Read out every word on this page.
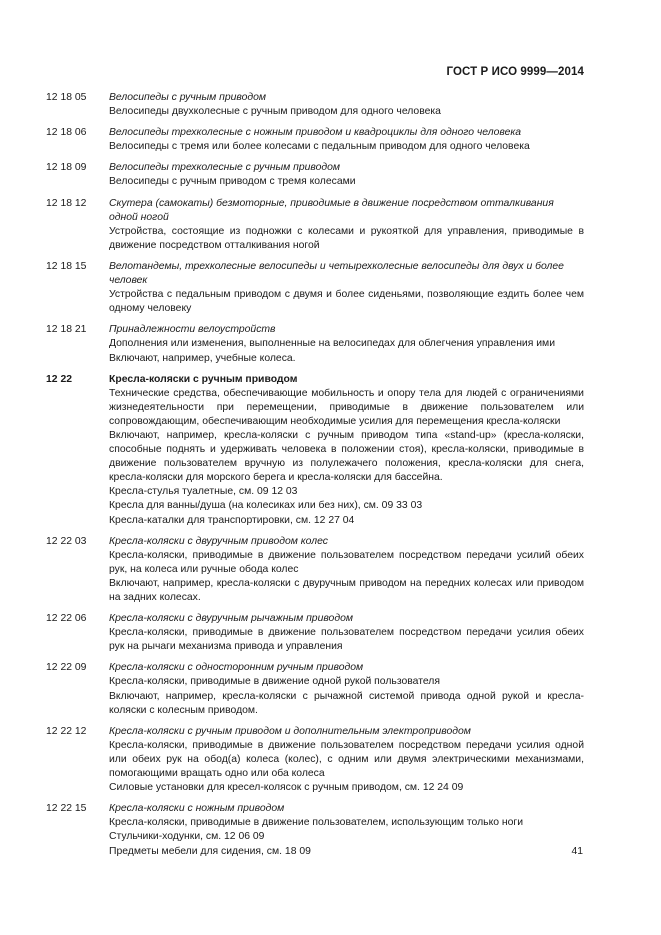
ГОСТ Р ИСО 9999—2014
12 18 05	Велосипеды с ручным приводом
Велосипеды двухколесные с ручным приводом для одного человека
12 18 06	Велосипеды трехколесные с ножным приводом и квадроциклы для одного человека
Велосипеды с тремя или более колесами с педальным приводом для одного человека
12 18 09	Велосипеды трехколесные с ручным приводом
Велосипеды с ручным приводом с тремя колесами
12 18 12	Скутера (самокаты) безмоторные, приводимые в движение посредством отталкивания одной ногой
Устройства, состоящие из подножки с колесами и рукояткой для управления, приводимые в движение посредством отталкивания ногой
12 18 15	Велотандемы, трехколесные велосипеды и четырехколесные велосипеды для двух и более человек
Устройства с педальным приводом с двумя и более сиденьями, позволяющие ездить более чем одному человеку
12 18 21	Принадлежности велоустройств
Дополнения или изменения, выполненные на велосипедах для облегчения управления ими
Включают, например, учебные колеса.
12 22	Кресла-коляски с ручным приводом
Технические средства, обеспечивающие мобильность и опору тела для людей с ограничениями жизнедеятельности при перемещении, приводимые в движение пользователем или сопровождающим, обеспечивающим необходимые усилия для перемещения кресла-коляски
Включают, например, кресла-коляски с ручным приводом типа «stand-up» (кресла-коляски, способные поднять и удерживать человека в положении стоя), кресла-коляски, приводимые в движение пользователем вручную из полулежачего положения, кресла-коляски для снега, кресла-коляски для морского берега и кресла-коляски для бассейна.
Кресла-стулья туалетные, см. 09 12 03
Кресла для ванны/душа (на колесиках или без них), см. 09 33 03
Кресла-каталки для транспортировки, см. 12 27 04
12 22 03	Кресла-коляски с двуручным приводом колес
Кресла-коляски, приводимые в движение пользователем посредством передачи усилий обеих рук, на колеса или ручные обода колес
Включают, например, кресла-коляски с двуручным приводом на передних колесах или приводом на задних колесах.
12 22 06	Кресла-коляски с двуручным рычажным приводом
Кресла-коляски, приводимые в движение пользователем посредством передачи усилия обеих рук на рычаги механизма привода и управления
12 22 09	Кресла-коляски с односторонним ручным приводом
Кресла-коляски, приводимые в движение одной рукой пользователя
Включают, например, кресла-коляски с рычажной системой привода одной рукой и кресла-коляски с колесным приводом.
12 22 12	Кресла-коляски с ручным приводом и дополнительным электроприводом
Кресла-коляски, приводимые в движение пользователем посредством передачи усилия одной или обеих рук на обод(а) колеса (колес), с одним или двумя электрическими механизмами, помогающими вращать одно или оба колеса
Силовые установки для кресел-колясок с ручным приводом, см. 12 24 09
12 22 15	Кресла-коляски с ножным приводом
Кресла-коляски, приводимые в движение пользователем, использующим только ноги
Стульчики-ходунки, см. 12 06 09
Предметы мебели для сидения, см. 18 09	41
